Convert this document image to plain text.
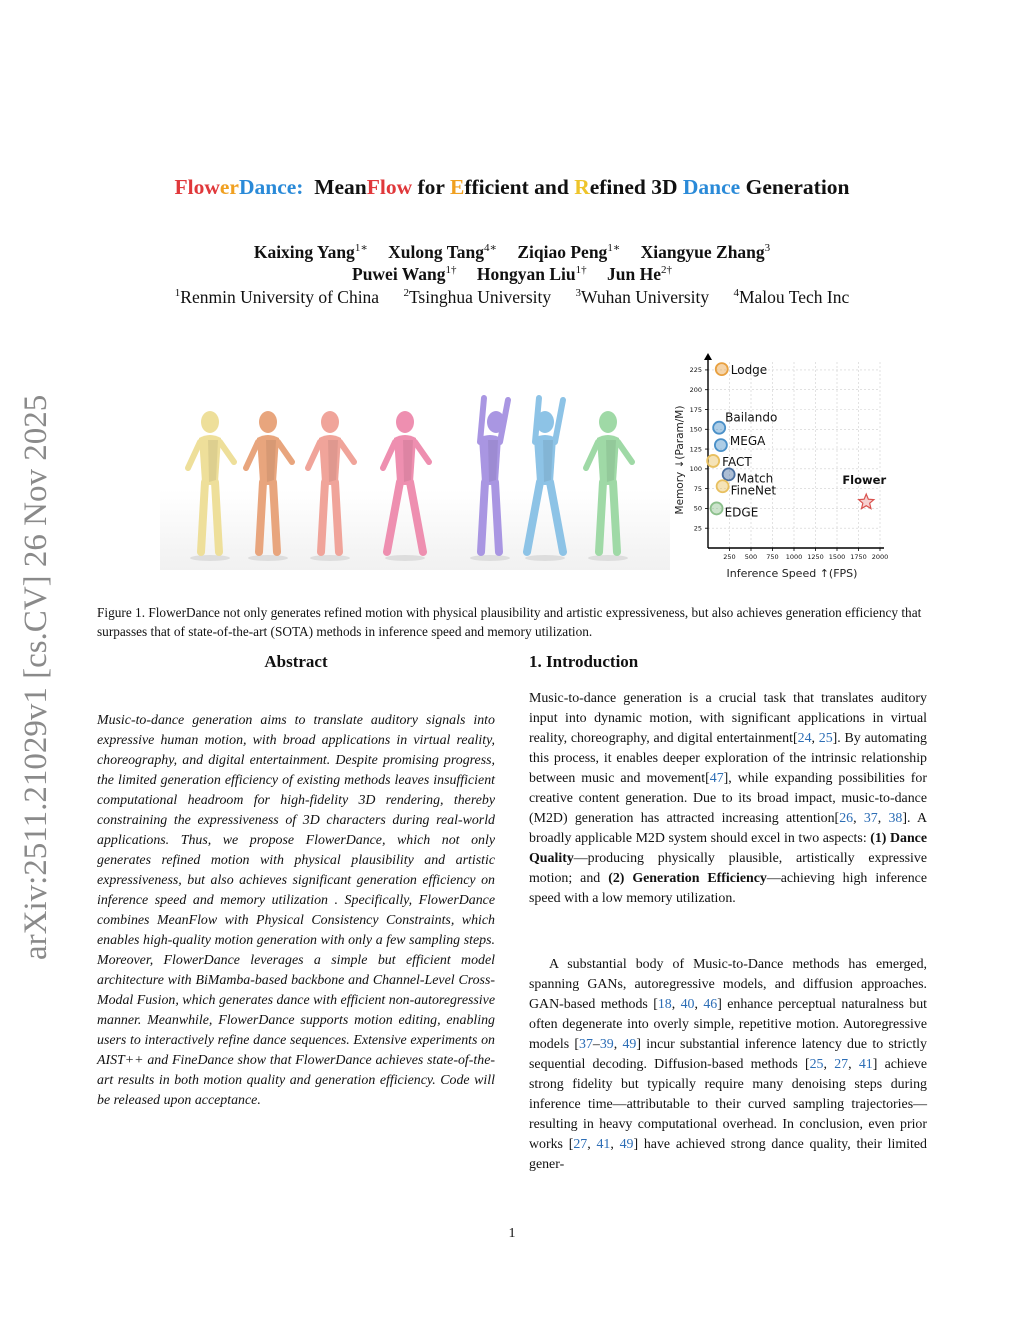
arXiv:2511.21029v1 [cs.CV] 26 Nov 2025
FlowerDance: MeanFlow for Efficient and Refined 3D Dance Generation
Kaixing Yang$^{1∗}$ Xulong Tang$^{4∗}$ Ziqiao Peng$^{1∗}$ Xiangyue Zhang$^3$
Puwei Wang$^{1\dagger}$ Hongyan Liu$^{1\dagger}$ Jun $He^{2\dagger}$
$^1$Renmin University of China $^2$Tsinghua University $^3$Wuhan University $^4$Malou Tech Inc
250 500 750 1000 1250 1500 1750 2000
25
50
75
100
125
150
175
200
225 Lodge
Bailando
MEGA
FACT
Match
FineNet
EDGE
Flower
Inference Speed ↑(FPS)
Memory ↓(Param/M)
Figure 1. FlowerDance not only generates refined motion with physical plausibility and artistic expressiveness, but also achieves generation efficiency that surpasses that of state-of-the-art (SOTA) methods in inference speed and memory utilization.
Abstract
Music-to-dance generation aims to translate auditory signals into expressive human motion, with broad applications in virtual reality, choreography, and digital entertainment. Despite promising progress, the limited generation efficiency of existing methods leaves insufficient computational headroom for high-fidelity 3D rendering, thereby constraining the expressiveness of 3D characters during real-world applications. Thus, we propose FlowerDance, which not only generates refined motion with physical plausibility and artistic expressiveness, but also achieves significant generation efficiency on inference speed and memory utilization . Specifically, FlowerDance combines MeanFlow with Physical Consistency Constraints, which enables high-quality motion generation with only a few sampling steps. Moreover, FlowerDance leverages a simple but efficient model architecture with BiMamba-based backbone and Channel-Level Cross-Modal Fusion, which generates dance with efficient non-autoregressive manner. Meanwhile, FlowerDance supports motion editing, enabling users to interactively refine dance sequences. Extensive experiments on AIST++ and FineDance show that FlowerDance achieves state-of-the-art results in both motion quality and generation efficiency. Code will be released upon acceptance.
1. Introduction
Music-to-dance generation is a crucial task that translates auditory input into dynamic motion, with significant applications in virtual reality, choreography, and digital entertainment[24, 25]. By automating this process, it enables deeper exploration of the intrinsic relationship between music and movement[47], while expanding possibilities for creative content generation. Due to its broad impact, music-to-dance (M2D) generation has attracted increasing attention[26, 37, 38]. A broadly applicable M2D system should excel in two aspects: (1) Dance Quality—producing physically plausible, artistically expressive motion; and (2) Generation Efficiency—achieving high inference speed with a low memory utilization.
A substantial body of Music-to-Dance methods has emerged, spanning GANs, autoregressive models, and diffusion approaches. GAN-based methods [18, 40, 46] enhance perceptual naturalness but often degenerate into overly simple, repetitive motion. Autoregressive models [37–39, 49] incur substantial inference latency due to strictly sequential decoding. Diffusion-based methods [25, 27, 41] achieve strong fidelity but typically require many denoising steps during inference time—attributable to their curved sampling trajectories—resulting in heavy computational overhead. In conclusion, even prior works [27, 41, 49] have achieved strong dance quality, their limited gener-
1
